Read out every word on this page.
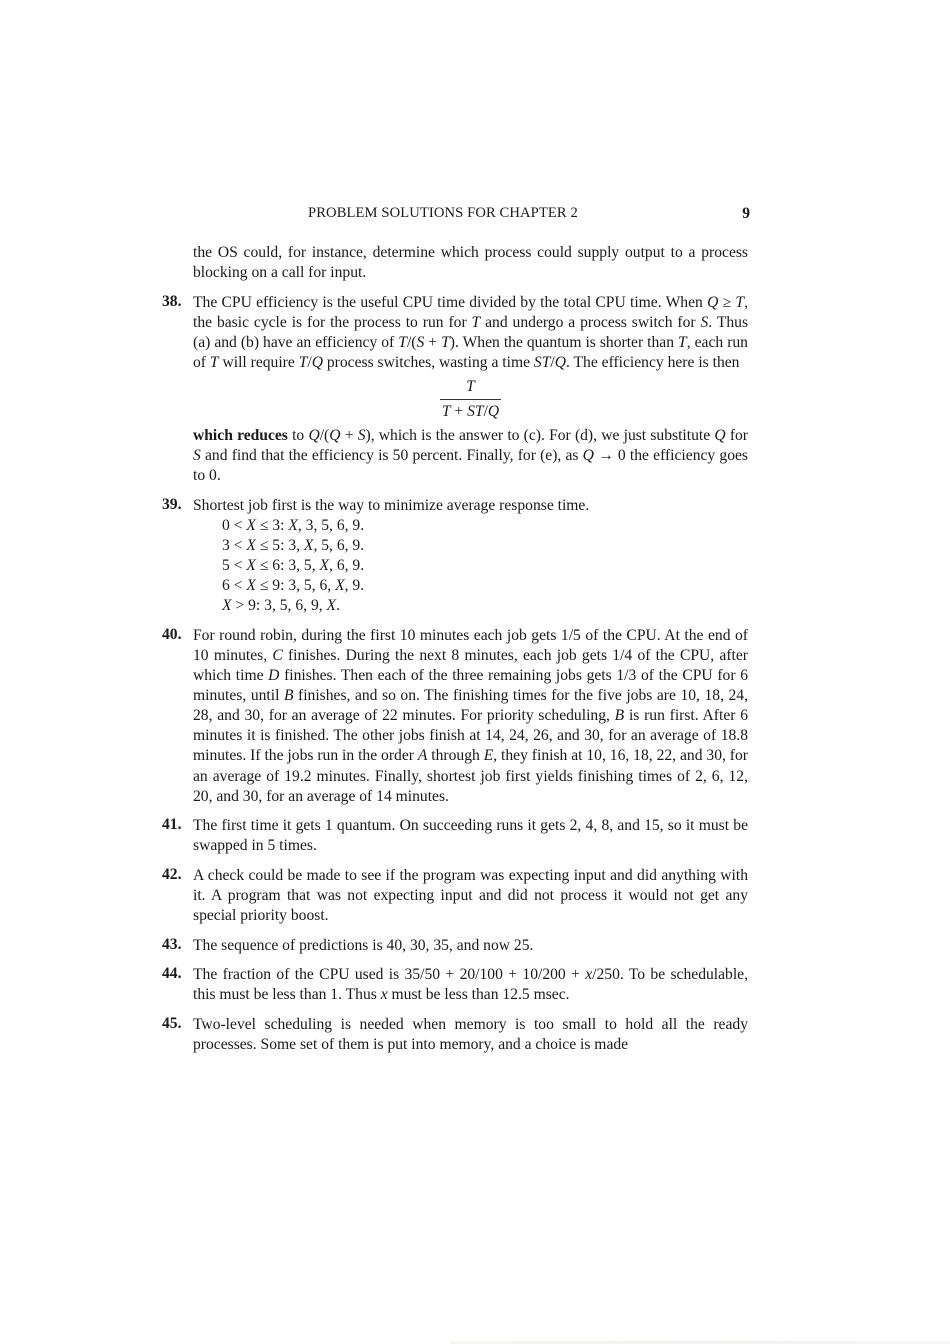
PROBLEM SOLUTIONS FOR CHAPTER 2	9
the OS could, for instance, determine which process could supply output to a process blocking on a call for input.
38. The CPU efficiency is the useful CPU time divided by the total CPU time. When Q ≥ T, the basic cycle is for the process to run for T and undergo a process switch for S. Thus (a) and (b) have an efficiency of T/(S + T). When the quantum is shorter than T, each run of T will require T/Q process switches, wasting a time ST/Q. The efficiency here is then
$\frac{T}{T + ST/Q}$
which reduces to Q/(Q + S), which is the answer to (c). For (d), we just substitute Q for S and find that the efficiency is 50 percent. Finally, for (e), as Q → 0 the efficiency goes to 0.
39. Shortest job first is the way to minimize average response time.
0 < X ≤ 3: X, 3, 5, 6, 9.
3 < X ≤ 5: 3, X, 5, 6, 9.
5 < X ≤ 6: 3, 5, X, 6, 9.
6 < X ≤ 9: 3, 5, 6, X, 9.
X > 9: 3, 5, 6, 9, X.
40. For round robin, during the first 10 minutes each job gets 1/5 of the CPU. At the end of 10 minutes, C finishes. During the next 8 minutes, each job gets 1/4 of the CPU, after which time D finishes. Then each of the three remaining jobs gets 1/3 of the CPU for 6 minutes, until B finishes, and so on. The finishing times for the five jobs are 10, 18, 24, 28, and 30, for an average of 22 minutes. For priority scheduling, B is run first. After 6 minutes it is finished. The other jobs finish at 14, 24, 26, and 30, for an average of 18.8 minutes. If the jobs run in the order A through E, they finish at 10, 16, 18, 22, and 30, for an average of 19.2 minutes. Finally, shortest job first yields finishing times of 2, 6, 12, 20, and 30, for an average of 14 minutes.
41. The first time it gets 1 quantum. On succeeding runs it gets 2, 4, 8, and 15, so it must be swapped in 5 times.
42. A check could be made to see if the program was expecting input and did anything with it. A program that was not expecting input and did not process it would not get any special priority boost.
43. The sequence of predictions is 40, 30, 35, and now 25.
44. The fraction of the CPU used is 35/50 + 20/100 + 10/200 + x/250. To be schedulable, this must be less than 1. Thus x must be less than 12.5 msec.
45. Two-level scheduling is needed when memory is too small to hold all the ready processes. Some set of them is put into memory, and a choice is made
